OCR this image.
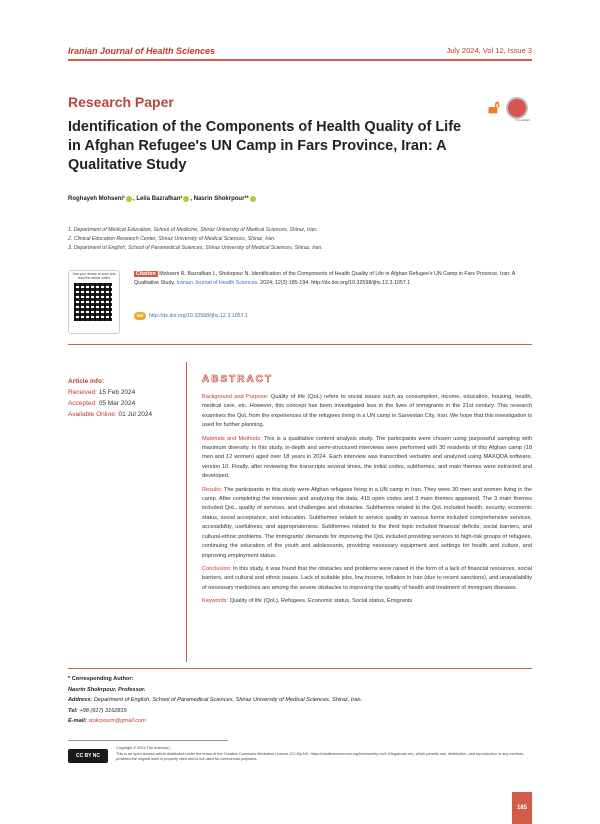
Iranian Journal of Health Sciences	July 2024, Vol 12, Issue 3
Research Paper
Identification of the Components of Health Quality of Life in Afghan Refugee's UN Camp in Fars Province, Iran: A Qualitative Study
🔓︎
CrossMark
Roghayeh Mohseni¹ , Leila Bazrafkan² , Nasrin Shokrpour³*
1. Department of Medical Education, School of Medicine, Shiraz University of Medical Sciences, Shiraz, Iran.
2. Clinical Education Research Center, Shiraz University of Medical Sciences, Shiraz, Iran.
3. Department of English, School of Paramedical Sciences, Shiraz University of Medical Sciences, Shiraz, Iran.
Use your device to scan and read the article online
Citation Mohseni R, Bazrafkan L, Shokrpour N. Identification of the Components of Health Quality of Life in Afghan Refugee's UN Camp in Fars Province, Iran: A Qualitative Study. Iranian Journal of Health Sciences. 2024; 12(3):185-194. http://dx.doi.org/10.32598/ijhs.12.3.1057.1
doi	http://dx.doi.org/10.32598/ijhs.12.3.1057.1
Article info:
Received: 15 Feb 2024
Accepted: 05 Mar 2024
Available Online: 01 Jul 2024
ABSTRACT

Background and Purpose: Quality of life (QoL) refers to social issues such as consumption, income, education, housing, health, medical care, etc. However, this concept has been investigated less in the lives of immigrants in the 21st century. This research examines the QoL from the experiences of the refugees living in a UN camp in Sarvestan City, Iran. We hope that this investigation is used for further planning.

Materials and Methods: This is a qualitative content analysis study. The participants were chosen using purposeful sampling with maximum diversity. In this study, in-depth and semi-structured interviews were performed with 30 residents of this Afghan camp (18 men and 12 women) aged over 18 years in 2024. Each interview was transcribed verbatim and analyzed using MAXQDA software, version 10. Finally, after reviewing the transcripts several times, the initial codes, subthemes, and main themes were extracted and developed.

Results: The participants in this study were Afghan refugees living in a UN camp in Iran. They were 30 men and women living in the camp. After completing the interviews and analyzing the data, 415 open codes and 3 main themes appeared. The 3 main themes included QoL, quality of services, and challenges and obstacles. Subthemes related to the QoL included health, security, economic status, social acceptance, and education. Subthemes related to service quality in various forms included comprehensive services, accessibility, usefulness, and appropriateness. Subthemes related to the third topic included financial deficits, social barriers, and cultural-ethnic problems. The immigrants' demands for improving the QoL included providing services to high-risk groups of refugees, continuing the education of the youth and adolescents, providing necessary equipment and settings for health and culture, and improving employment status.

Conclusion: In this study, it was found that the obstacles and problems were raised in the form of a lack of financial resources, social barriers, and cultural and ethnic issues. Lack of suitable jobs, low income, inflation in Iran (due to recent sanctions), and unavailability of necessary medicines are among the severe obstacles to improving the quality of health and treatment of immigrant diseases.

Keywords: Quality of life (QoL), Refugees, Economic status, Social status, Emigrants

* Corresponding Author:
Nasrin Shokrpour, Professor.
Address: Department of English, School of Paramedical Sciences, Shiraz University of Medical Sciences, Shiraz, Iran.
Tel: +98 (917) 3162815
E-mail: stokrpourn@gmail.com
CC BY NC
Copyright © 2024 The Author(s);
This is an open access article distributed under the terms of the Creative Commons Attribution License (CC-By-NC: https://creativecommons.org/licenses/by-nc/4.0/legalcode.en), which permits use, distribution, and reproduction in any medium, provided the original work is properly cited and is not used for commercial purposes.
185
